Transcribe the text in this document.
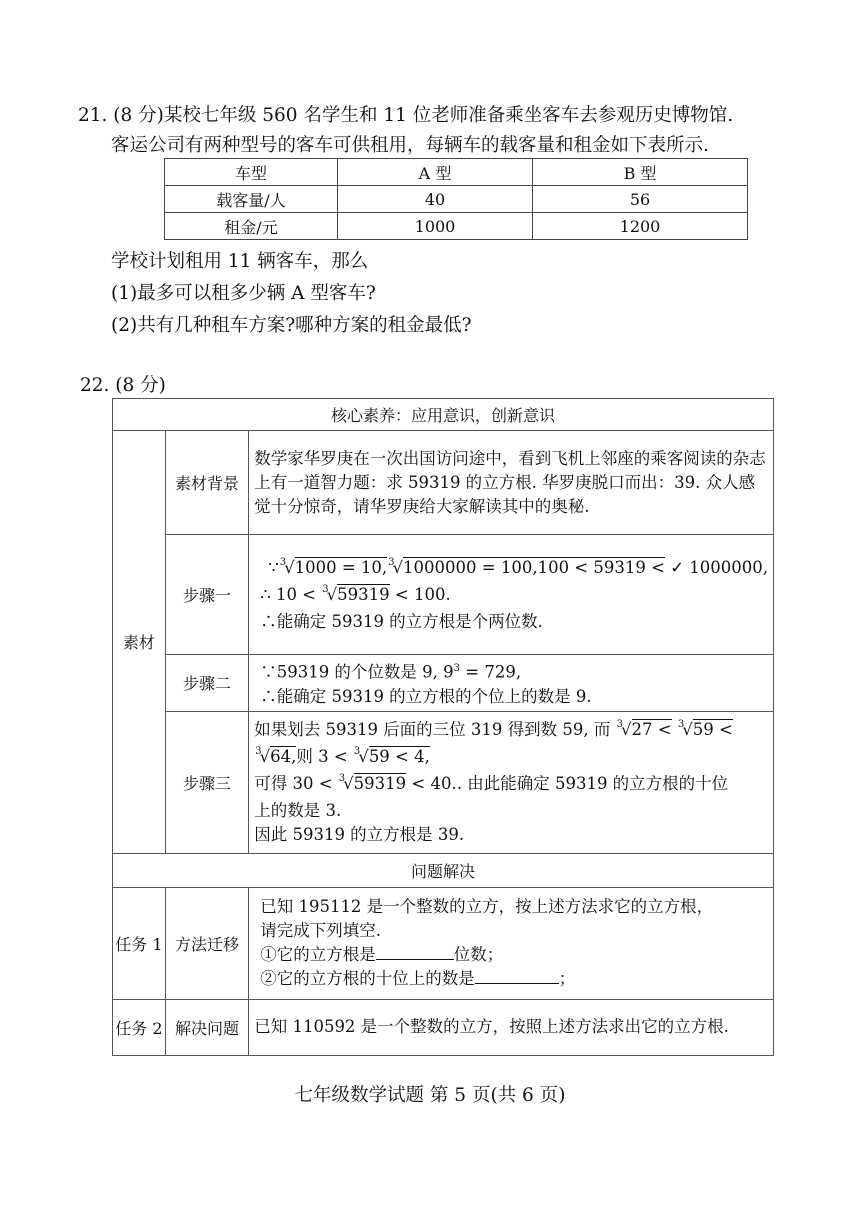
21. (8 分)某校七年级 560 名学生和 11 位老师准备乘坐客车去参观历史博物馆.
客运公司有两种型号的客车可供租用，每辆车的载客量和租金如下表所示.
车型	A 型	B 型
载客量/人	40	56
租金/元	1000	1200
学校计划租用 11 辆客车，那么
(1)最多可以租多少辆 A 型客车?
(2)共有几种租车方案?哪种方案的租金最低?
22. (8 分)
核心素养：应用意识，创新意识		
素材	素材背景	数学家华罗庚在一次出国访问途中，看到飞机上邻座的乘客阅读的杂志上有一道智力题：求 59319 的立方根. 华罗庚脱口而出：39. 众人感觉十分惊奇，请华罗庚给大家解读其中的奥秘.
	步骤一	∵$^3$√1000 = 10,$^3$√1000000 = 100,100 < 59319 < ✓ 1000000,
∴ 10 < $^3$√59319 < 100.
∴能确定 59319 的立方根是个两位数.

	步骤二	∵59319 的个位数是 9, $9^3 = 729$,
∴能确定 59319 的立方根的个位上的数是 9.

	步骤三	如果划去 59319 后面的三位 319 得到数 59, 而 $^3$√27 < $^3$√59 <
$^3$√64,则 3 < $^3$√59 < 4,
可得 30 < $^3$√59319 < 40.. 由此能确定 59319 的立方根的十位
上的数是 3.
因此 59319 的立方根是 39.

问题解决		
任务 1	方法迁移	已知 195112 是一个整数的立方，按上述方法求它的立方根，
请完成下列填空.
①它的立方根是 位数；
②它的立方根的十位上的数是 ；

任务 2	解决问题	已知 110592 是一个整数的立方，按照上述方法求出它的立方根.
七年级数学试题 第 5 页(共 6 页)
